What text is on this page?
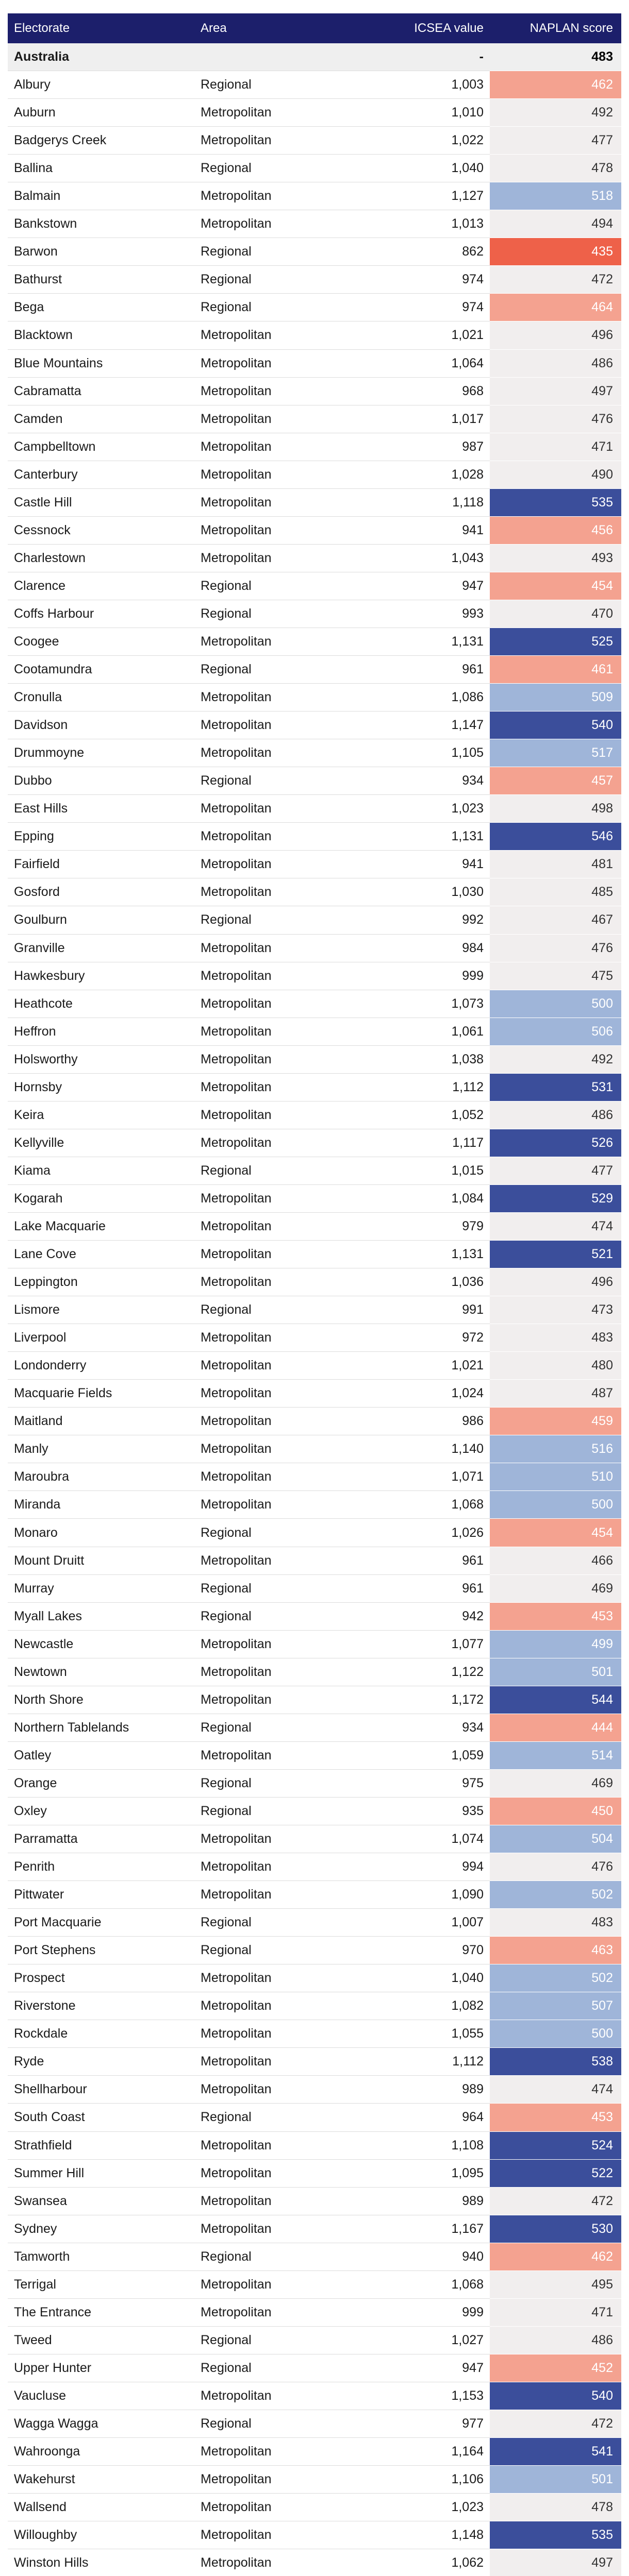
Electorate	Area	ICSEA value	NAPLAN score
Australia		-	483
Albury	Regional	1,003	462
Auburn	Metropolitan	1,010	492
Badgerys Creek	Metropolitan	1,022	477
Ballina	Regional	1,040	478
Balmain	Metropolitan	1,127	518
Bankstown	Metropolitan	1,013	494
Barwon	Regional	862	435
Bathurst	Regional	974	472
Bega	Regional	974	464
Blacktown	Metropolitan	1,021	496
Blue Mountains	Metropolitan	1,064	486
Cabramatta	Metropolitan	968	497
Camden	Metropolitan	1,017	476
Campbelltown	Metropolitan	987	471
Canterbury	Metropolitan	1,028	490
Castle Hill	Metropolitan	1,118	535
Cessnock	Metropolitan	941	456
Charlestown	Metropolitan	1,043	493
Clarence	Regional	947	454
Coffs Harbour	Regional	993	470
Coogee	Metropolitan	1,131	525
Cootamundra	Regional	961	461
Cronulla	Metropolitan	1,086	509
Davidson	Metropolitan	1,147	540
Drummoyne	Metropolitan	1,105	517
Dubbo	Regional	934	457
East Hills	Metropolitan	1,023	498
Epping	Metropolitan	1,131	546
Fairfield	Metropolitan	941	481
Gosford	Metropolitan	1,030	485
Goulburn	Regional	992	467
Granville	Metropolitan	984	476
Hawkesbury	Metropolitan	999	475
Heathcote	Metropolitan	1,073	500
Heffron	Metropolitan	1,061	506
Holsworthy	Metropolitan	1,038	492
Hornsby	Metropolitan	1,112	531
Keira	Metropolitan	1,052	486
Kellyville	Metropolitan	1,117	526
Kiama	Regional	1,015	477
Kogarah	Metropolitan	1,084	529
Lake Macquarie	Metropolitan	979	474
Lane Cove	Metropolitan	1,131	521
Leppington	Metropolitan	1,036	496
Lismore	Regional	991	473
Liverpool	Metropolitan	972	483
Londonderry	Metropolitan	1,021	480
Macquarie Fields	Metropolitan	1,024	487
Maitland	Metropolitan	986	459
Manly	Metropolitan	1,140	516
Maroubra	Metropolitan	1,071	510
Miranda	Metropolitan	1,068	500
Monaro	Regional	1,026	454
Mount Druitt	Metropolitan	961	466
Murray	Regional	961	469
Myall Lakes	Regional	942	453
Newcastle	Metropolitan	1,077	499
Newtown	Metropolitan	1,122	501
North Shore	Metropolitan	1,172	544
Northern Tablelands	Regional	934	444
Oatley	Metropolitan	1,059	514
Orange	Regional	975	469
Oxley	Regional	935	450
Parramatta	Metropolitan	1,074	504
Penrith	Metropolitan	994	476
Pittwater	Metropolitan	1,090	502
Port Macquarie	Regional	1,007	483
Port Stephens	Regional	970	463
Prospect	Metropolitan	1,040	502
Riverstone	Metropolitan	1,082	507
Rockdale	Metropolitan	1,055	500
Ryde	Metropolitan	1,112	538
Shellharbour	Metropolitan	989	474
South Coast	Regional	964	453
Strathfield	Metropolitan	1,108	524
Summer Hill	Metropolitan	1,095	522
Swansea	Metropolitan	989	472
Sydney	Metropolitan	1,167	530
Tamworth	Regional	940	462
Terrigal	Metropolitan	1,068	495
The Entrance	Metropolitan	999	471
Tweed	Regional	1,027	486
Upper Hunter	Regional	947	452
Vaucluse	Metropolitan	1,153	540
Wagga Wagga	Regional	977	472
Wahroonga	Metropolitan	1,164	541
Wakehurst	Metropolitan	1,106	501
Wallsend	Metropolitan	1,023	478
Willoughby	Metropolitan	1,148	535
Winston Hills	Metropolitan	1,062	497
